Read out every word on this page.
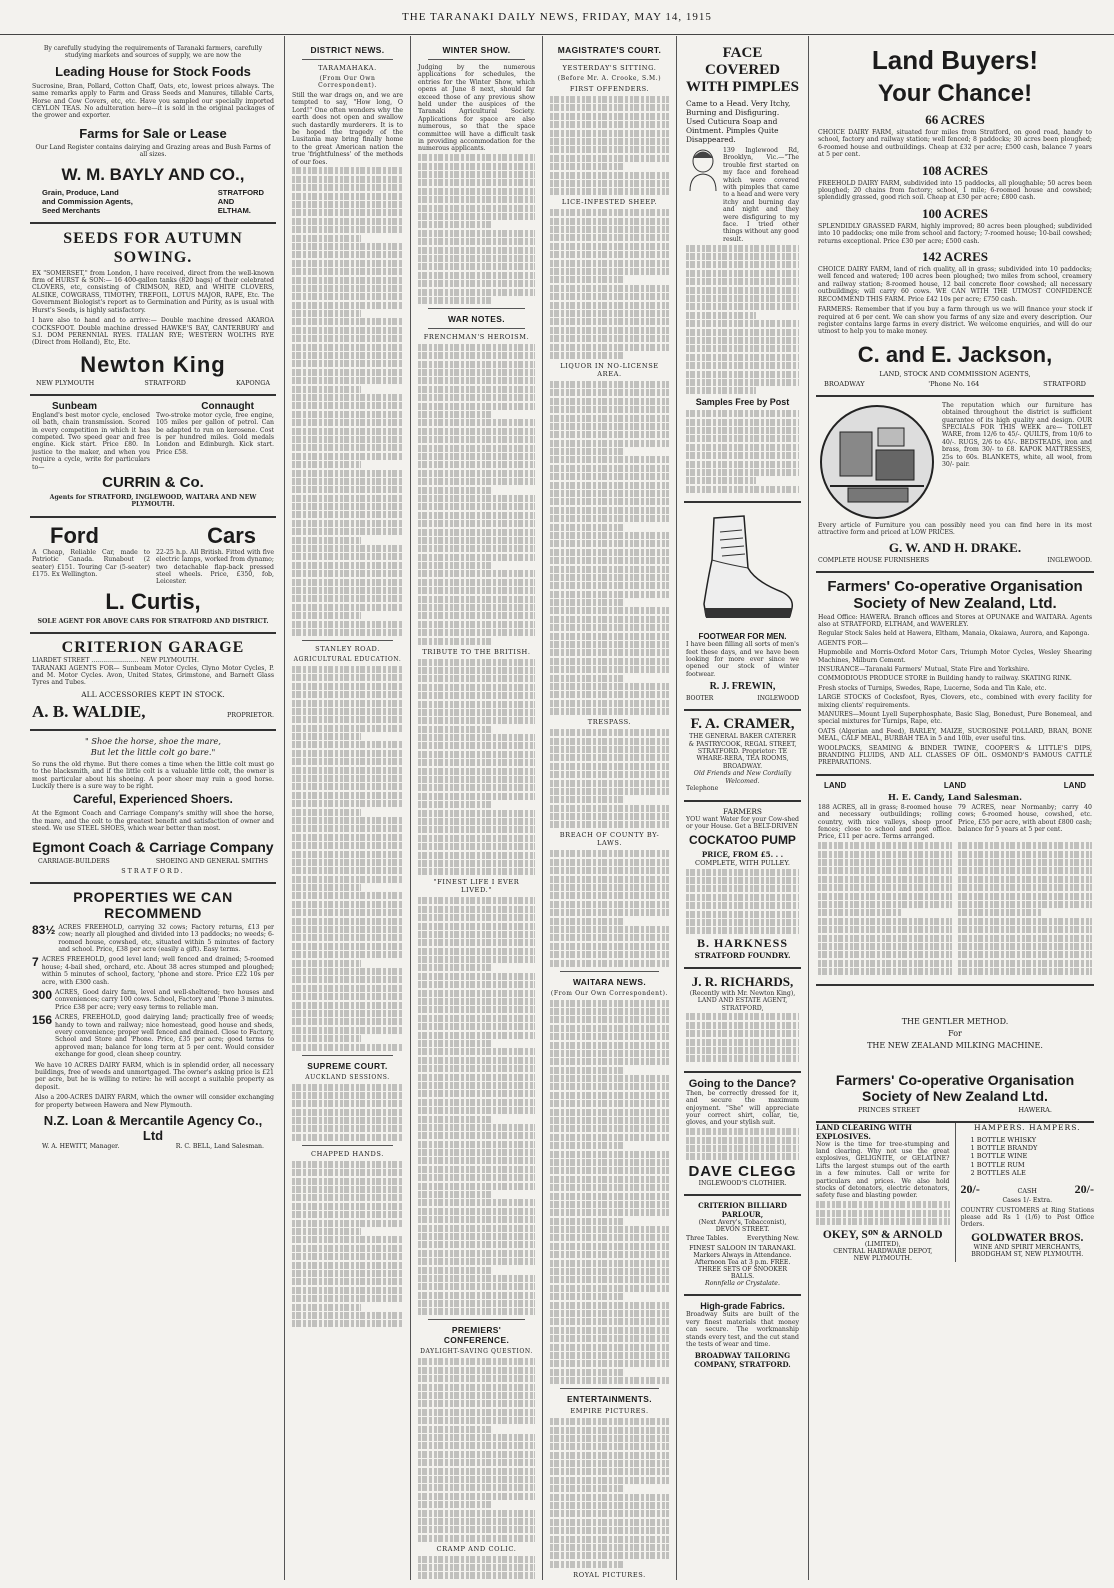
THE TARANAKI DAILY NEWS, FRIDAY, MAY 14, 1915
By carefully studying the requirements of Taranaki farmers, carefully studying markets and sources of supply, we are now the
Leading House for Stock Foods
Sucrosine, Bran, Pollard, Cotton Chaff, Oats, etc, lowest prices always. The same remarks apply to Farm and Grass Seeds and Manures, tillable Carts, Horse and Cow Covers, etc, etc. Have you sampled our specially imported CEYLON TEAS. No adulteration here—it is sold in the original packages of the grower and exporter.
Farms for Sale or Lease
Our Land Register contains dairying and Grazing areas and Bush Farms of all sizes.
W. M. BAYLY AND CO.,
Grain, Produce, Land
and Commission Agents,
Seed Merchants
STRATFORD
AND
ELTHAM.
SEEDS FOR AUTUMN SOWING.
EX "SOMERSET," from London, I have received, direct from the well-known firm of HURST & SON:— 16 400-gallon tanks (820 bags) of their celebrated CLOVERS, etc, consisting of CRIMSON, RED, and WHITE CLOVERS, ALSIKE, COWGRASS, TIMOTHY, TREFOIL, LOTUS MAJOR, RAPE, Etc. The Government Biologist's report as to Germination and Purity, as is usual with Hurst's Seeds, is highly satisfactory.
I have also to hand and to arrive:— Double machine dressed AKAROA COCKSFOOT. Double machine dressed HAWKE'S BAY, CANTERBURY and S.I. DOM PERENNIAL RYES. ITALIAN RYE; WESTERN WOLTHS RYE (Direct from Holland), Etc, Etc.
Newton King
NEW PLYMOUTH	STRATFORD	KAPONGA
Sunbeam	Connaught
England's best motor cycle, enclosed oil bath, chain transmission. Scored in every competition in which it has competed. Two speed gear and free engine. Kick start. Price £80. In justice to the maker, and when you require a cycle, write for particulars to—
Two-stroke motor cycle, free engine, 105 miles per gallon of petrol. Can be adapted to run on kerosene. Cost is per hundred miles. Gold medals London and Edinburgh. Kick start. Price £58.
CURRIN & Co.
Agents for STRATFORD, INGLEWOOD, WAITARA AND NEW PLYMOUTH.
Ford	Cars
A Cheap, Reliable Car, made to Patriotic Canada. Runabout (2 seater) £151. Touring Car (5-seater) £175. Ex Wellington.
22-25 h.p. All British. Fitted with five electric lamps, worked from dynamo; two detachable flap-back pressed steel wheels. Price, £350, fob, Leicester.
L. Curtis,
SOLE AGENT FOR ABOVE CARS FOR STRATFORD AND DISTRICT.
CRITERION GARAGE
LIARDET STREET ........................ NEW PLYMOUTH.
TARANAKI AGENTS FOR— Sunbeam Motor Cycles, Clyno Motor Cycles, P. and M. Motor Cycles. Avon, United States, Grimstone, and Barnett Glass Tyres and Tubes.
ALL ACCESSORIES KEPT IN STOCK.
A. B. WALDIE,	PROPRIETOR.
" Shoe the horse, shoe the mare,
But let the little colt go bare."
So runs the old rhyme. But there comes a time when the little colt must go to the blacksmith, and if the little colt is a valuable little colt, the owner is most particular about his shoeing. A poor shoer may ruin a good horse. Luckily there is a sure way to be right.
Careful, Experienced Shoers.
At the Egmont Coach and Carriage Company's smithy will shoe the horse, the mare, and the colt to the greatest benefit and satisfaction of owner and steed. We use STEEL SHOES, which wear better than most.
Egmont Coach & Carriage Company
CARRIAGE-BUILDERS	SHOEING AND GENERAL SMITHS
STRATFORD.
PROPERTIES WE CAN RECOMMEND
83½ ACRES FREEHOLD, carrying 32 cows; Factory returns, £13 per cow; nearly all ploughed and divided into 13 paddocks; no weeds; 6-roomed house, cowshed, etc, situated within 5 minutes of factory and school. Price, £38 per acre (easily a gift). Easy terms.
7 ACRES FREEHOLD, good level land; well fenced and drained; 5-roomed house; 4-bail shed, orchard, etc. About 38 acres stumped and ploughed; within 5 minutes of school, factory, 'phone and store. Price £22 10s per acre, with £300 cash.
300 ACRES, Good dairy farm, level and well-sheltered; two houses and conveniences; carry 100 cows. School, Factory and 'Phone 3 minutes. Price £38 per acre; very easy terms to reliable man.
156 ACRES, FREEHOLD, good dairying land; practically free of weeds; handy to town and railway; nice homestead, good house and sheds, every convenience; proper well fenced and drained. Close to Factory, School and Store and 'Phone. Price, £35 per acre; good terms to approved man; balance for long term at 5 per cent. Would consider exchange for good, clean sheep country.
We have 10 ACRES DAIRY FARM, which is in splendid order, all necessary buildings, free of weeds and unmortgaged. The owner's asking price is £21 per acre, but he is willing to retire: he will accept a suitable property as deposit.
Also a 200-ACRES DAIRY FARM, which the owner will consider exchanging for property between Hawera and New Plymouth.
N.Z. Loan & Mercantile Agency Co., Ltd
W. A. HEWITT, Manager.	R. C. BELL, Land Salesman.
DISTRICT NEWS.
TARAMAHAKA.
(From Our Own Correspondent).
Still the war drags on, and we are tempted to say, "How long, O Lord!" One often wonders why the earth does not open and swallow such dastardly murderers. It is to be hoped the tragedy of the Lusitania may bring finally home to the great American nation the true 'frightfulness' of the methods of our foes.
STANLEY ROAD.
AGRICULTURAL EDUCATION.
SUPREME COURT.
AUCKLAND SESSIONS.
CHAPPED HANDS.
WINTER SHOW.
Judging by the numerous applications for schedules, the entries for the Winter Show, which opens at June 8 next, should far exceed those of any previous show held under the auspices of the Taranaki Agricultural Society. Applications for space are also numerous, so that the space committee will have a difficult task in providing accommodation for the numerous applicants.
WAR NOTES.
FRENCHMAN'S HEROISM.
TRIBUTE TO THE BRITISH.
"FINEST LIFE I EVER LIVED."
PREMIERS' CONFERENCE.
DAYLIGHT-SAVING QUESTION.
CRAMP AND COLIC.
MAGISTRATE'S COURT.
YESTERDAY'S SITTING.
(Before Mr. A. Crooke, S.M.)
FIRST OFFENDERS.
LICE-INFESTED SHEEP.
LIQUOR IN NO-LICENSE AREA.
TRESPASS.
BREACH OF COUNTY BY-LAWS.
WAITARA NEWS.
(From Our Own Correspondent).
ENTERTAINMENTS.
EMPIRE PICTURES.
ROYAL PICTURES.
FACE COVERED
WITH PIMPLES
Came to a Head. Very Itchy, Burning and Disfiguring. Used Cuticura Soap and Ointment. Pimples Quite Disappeared.
139 Inglewood Rd, Brooklyn, Vic.—"The trouble first started on my face and forehead which were covered with pimples that came to a head and were very itchy and burning day and night and they were disfiguring to my face. I tried other things without any good result.
Samples Free by Post
FOOTWEAR FOR MEN.
I have been filling all sorts of men's feet these days, and we have been looking for more ever since we opened our stock of winter footwear.
R. J. FREWIN,
BOOTER	INGLEWOOD
F. A. CRAMER,
THE GENERAL BAKER CATERER & PASTRYCOOK, REGAL STREET, STRATFORD. Proprietor: TE WHARE-RERA, TEA ROOMS, BROADWAY.
Old Friends and New Cordially Welcomed.
Telephone
FARMERS
YOU want Water for your Cow-shed or your House. Get a BELT-DRIVEN
COCKATOO PUMP
PRICE, FROM £5. . .
COMPLETE, WITH PULLEY.
B. HARKNESS
STRATFORD FOUNDRY.
J. R. RICHARDS,
(Recently with Mr. Newton King), LAND AND ESTATE AGENT, STRATFORD,
Going to the Dance?
Then, be correctly dressed for it, and secure the maximum enjoyment. "She" will appreciate your correct shirt, collar, tie, gloves, and your stylish suit.
DAVE CLEGG
INGLEWOOD'S CLOTHIER.
CRITERION BILLIARD PARLOUR,
(Next Avery's, Tobacconist),
DEVON STREET.
Three Tables.	Everything New.
FINEST SALOON IN TARANAKI.
Markers Always in Attendance.
Afternoon Tea at 3 p.m. FREE.
THREE SETS OF SNOOKER BALLS.
Ronnfella or Crystalate.
High-grade Fabrics.
Broadway Suits are built of the very finest materials that money can secure. The workmanship stands every test, and the cut stand the tests of wear and time.
BROADWAY TAILORING COMPANY, STRATFORD.
Land Buyers!
Your Chance!
66 ACRES
CHOICE DAIRY FARM, situated four miles from Stratford, on good road, handy to school, factory and railway station; well fenced; 8 paddocks; 30 acres been ploughed; 6-roomed house and outbuildings. Cheap at £32 per acre; £500 cash, balance 7 years at 5 per cent.
108 ACRES
FREEHOLD DAIRY FARM, subdivided into 15 paddocks, all ploughable; 50 acres been ploughed; 20 chains from factory; school, 1 mile; 6-roomed house and cowshed; splendidly grassed, good rich soil. Cheap at £30 per acre; £800 cash.
100 ACRES
SPLENDIDLY GRASSED FARM, highly improved; 80 acres been ploughed; subdivided into 10 paddocks; one mile from school and factory; 7-roomed house; 10-bail cowshed; returns exceptional. Price £30 per acre; £500 cash.
142 ACRES
CHOICE DAIRY FARM, land of rich quality, all in grass; subdivided into 10 paddocks; well fenced and watered; 100 acres been ploughed; two miles from school, creamery and railway station; 8-roomed house, 12 bail concrete floor cowshed; all necessary outbuildings; will carry 60 cows. WE CAN WITH THE UTMOST CONFIDENCE RECOMMEND THIS FARM. Price £42 10s per acre; £750 cash.
FARMERS: Remember that if you buy a farm through us we will finance your stock if required at 6 per cent. We can show you farms of any size and every description. Our register contains large farms in every district. We welcome enquiries, and will do our utmost to help you to make money.
C. and E. Jackson,
LAND, STOCK AND COMMISSION AGENTS,
BROADWAY	'Phone No. 164	STRATFORD
The reputation which our furniture has obtained throughout the district is sufficient guarantee of its high quality and design. OUR SPECIALS FOR THIS WEEK are— TOILET WARE, from 12/6 to 45/-. QUILTS, from 10/6 to 40/-. RUGS, 2/6 to 45/-. BEDSTEADS, iron and brass, from 30/- to £8. KAPOK MATTRESSES, 25s to 60s. BLANKETS, white, all wool, from 30/- pair.
Every article of Furniture you can possibly need you can find here in its most attractive form and priced at LOW PRICES.
G. W. AND H. DRAKE.
COMPLETE HOUSE FURNISHERS	INGLEWOOD.
Farmers' Co-operative Organisation
Society of New Zealand, Ltd.
Head Office: HAWERA. Branch offices and Stores at OPUNAKE and WAITARA. Agents also at STRATFORD, ELTHAM, and WAVERLEY.
Regular Stock Sales held at Hawera, Eltham, Manaia, Okaiawa, Aurora, and Kaponga.
AGENTS FOR—
Hupmobile and Morris-Oxford Motor Cars, Triumph Motor Cycles, Wesley Shearing Machines, Milburn Cement.
INSURANCE—Taranaki Farmers' Mutual, State Fire and Yorkshire.
COMMODIOUS PRODUCE STORE in Building handy to railway. SKATING RINK.
Fresh stocks of Turnips, Swedes, Rape, Lucerne, Soda and Tin Kale, etc.
LARGE STOCKS of Cocksfoot, Ryes, Clovers, etc., combined with every facility for mixing clients' requirements.
MANURES—Mount Lyell Superphosphate, Basic Slag, Bonedust, Pure Bonemeal, and special mixtures for Turnips, Rape, etc.
OATS (Algerian and Feed), BARLEY, MAIZE, SUCROSINE POLLARD, BRAN, BONE MEAL, CALF MEAL, BURBAH TEA in 5 and 10lb, ever useful tins.
WOOLPACKS, SEAMING & BINDER TWINE, COOPER'S & LITTLE'S DIPS, BRANDING FLUIDS, AND ALL CLASSES OF OIL. OSMOND'S FAMOUS CATTLE PREPARATIONS.
LAND	LAND	LAND
H. E. Candy, Land Salesman.
188 ACRES, all in grass; 8-roomed house and necessary outbuildings; rolling country, with nice valleys, sheep proof fences; close to school and post office. Price, £11 per acre. Terms arranged.
79 ACRES, near Normanby; carry 40 cows; 6-roomed house, cowshed, etc. Price, £55 per acre, with about £800 cash; balance for 5 years at 5 per cent.
THE GENTLER METHOD.
For
THE NEW ZEALAND MILKING MACHINE.
Farmers' Co-operative Organisation
Society of New Zealand Ltd.
PRINCES STREET	HAWERA.
LAND CLEARING WITH EXPLOSIVES.
Now is the time for tree-stumping and land clearing. Why not use the great explosives, GELIGNITE, or GELATINE? Lifts the largest stumps out of the earth in a few minutes. Call or write for particulars and prices. We also hold stocks of detonators, electric detonators, safety fuse and blasting powder.
OKEY, Sᴼᴺ & ARNOLD
(LIMITED),
CENTRAL HARDWARE DEPOT,
NEW PLYMOUTH.
HAMPERS. HAMPERS.
1 BOTTLE WHISKY
1 BOTTLE BRANDY
1 BOTTLE WINE
1 BOTTLE RUM
2 BOTTLES ALE
20/-	CASH	20/-
Cases 1/- Extra.
COUNTRY CUSTOMERS at Ring Stations please add Rs 1 (1/6) to Post Office Orders.
GOLDWATER BROS.
WINE AND SPIRIT MERCHANTS,
BRODGHAM ST, NEW PLYMOUTH.
